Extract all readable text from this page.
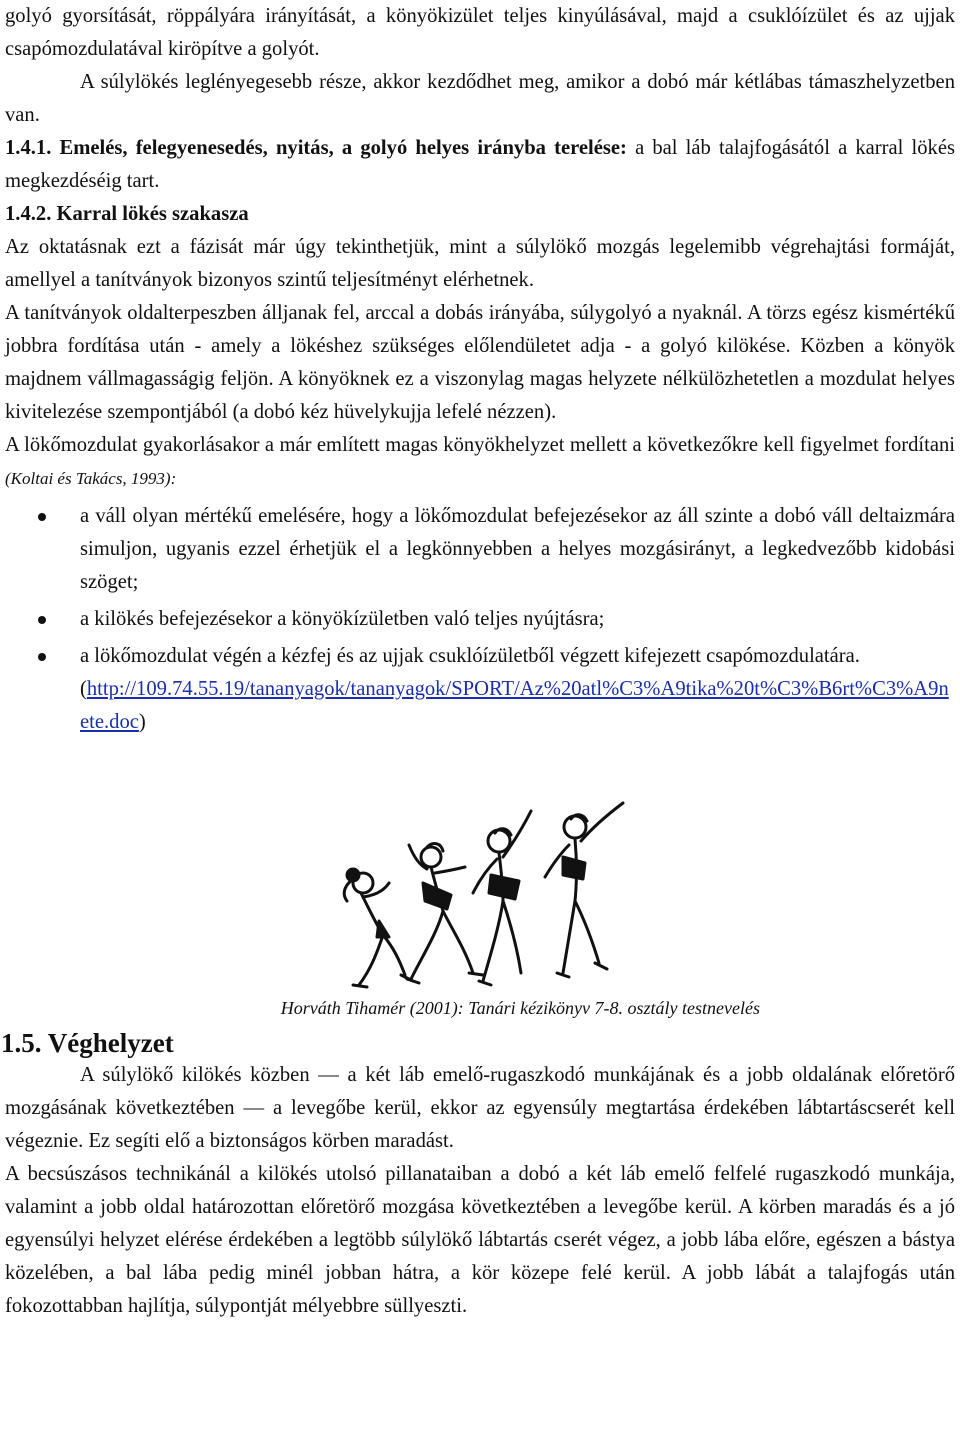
golyó gyorsítását, röppályára irányítását, a könyökizület teljes kinyúlásával, majd a csuklóízület és az ujjak csapómozdulatával kiröpítve a golyót.

A súlylökés leglényegesebb része, akkor kezdődhet meg, amikor a dobó már kétlábas támaszhelyzetben van.

1.4.1. Emelés, felegyenesedés, nyitás, a golyó helyes irányba terelése: a bal láb talajfogásától a karral lökés megkezdéséig tart.

1.4.2. Karral lökés szakasza

Az oktatásnak ezt a fázisát már úgy tekinthetjük, mint a súlylökő mozgás legelemibb végrehajtási formáját, amellyel a tanítványok bizonyos szintű teljesítményt elérhetnek.

A tanítványok oldalterpeszben álljanak fel, arccal a dobás irányába, súlygolyó a nyaknál. A törzs egész kismértékű jobbra fordítása után - amely a lökéshez szükséges előlendületet adja - a golyó kilökése. Közben a könyök majdnem vállmagasságig feljön. A könyöknek ez a viszonylag magas helyzete nélkülözhetetlen a mozdulat helyes kivitelezése szempontjából (a dobó kéz hüvelykujja lefelé nézzen).

A lökőmozdulat gyakorlásakor a már említett magas könyökhelyzet mellett a következőkre kell figyelmet fordítani (Koltai és Takács, 1993):

a váll olyan mértékű emelésére, hogy a lökőmozdulat befejezésekor az áll szinte a dobó váll deltaizmára simuljon, ugyanis ezzel érhetjük el a legkönnyebben a helyes mozgásirányt, a legkedvezőbb kidobási szöget;
a kilökés befejezésekor a könyökízületben való teljes nyújtásra;
a lökőmozdulat végén a kézfej és az ujjak csuklóízületből végzett kifejezett csapómozdulatára.
(http://109.74.55.19/tananyagok/tananyagok/SPORT/Az%20atl%C3%A9tika%20t%C3%B6rt%C3%A9nete.doc)
Horváth Tihamér (2001): Tanári kézikönyv 7-8. osztály testnevelés
1.5. Véghelyzet

A súlylökő kilökés közben — a két láb emelő-rugaszkodó munkájának és a jobb oldalának előretörő mozgásának következtében — a levegőbe kerül, ekkor az egyensúly megtartása érdekében lábtartáscserét kell végeznie. Ez segíti elő a biztonságos körben maradást.

A becsúszásos technikánál a kilökés utolsó pillanataiban a dobó a két láb emelő felfelé rugaszkodó munkája, valamint a jobb oldal határozottan előretörő mozgása következtében a levegőbe kerül. A körben maradás és a jó egyensúlyi helyzet elérése érdekében a legtöbb súlylökő lábtartás cserét végez, a jobb lába előre, egészen a bástya közelében, a bal lába pedig minél jobban hátra, a kör közepe felé kerül. A jobb lábát a talajfogás után fokozottabban hajlítja, súlypontját mélyebbre süllyeszti.
